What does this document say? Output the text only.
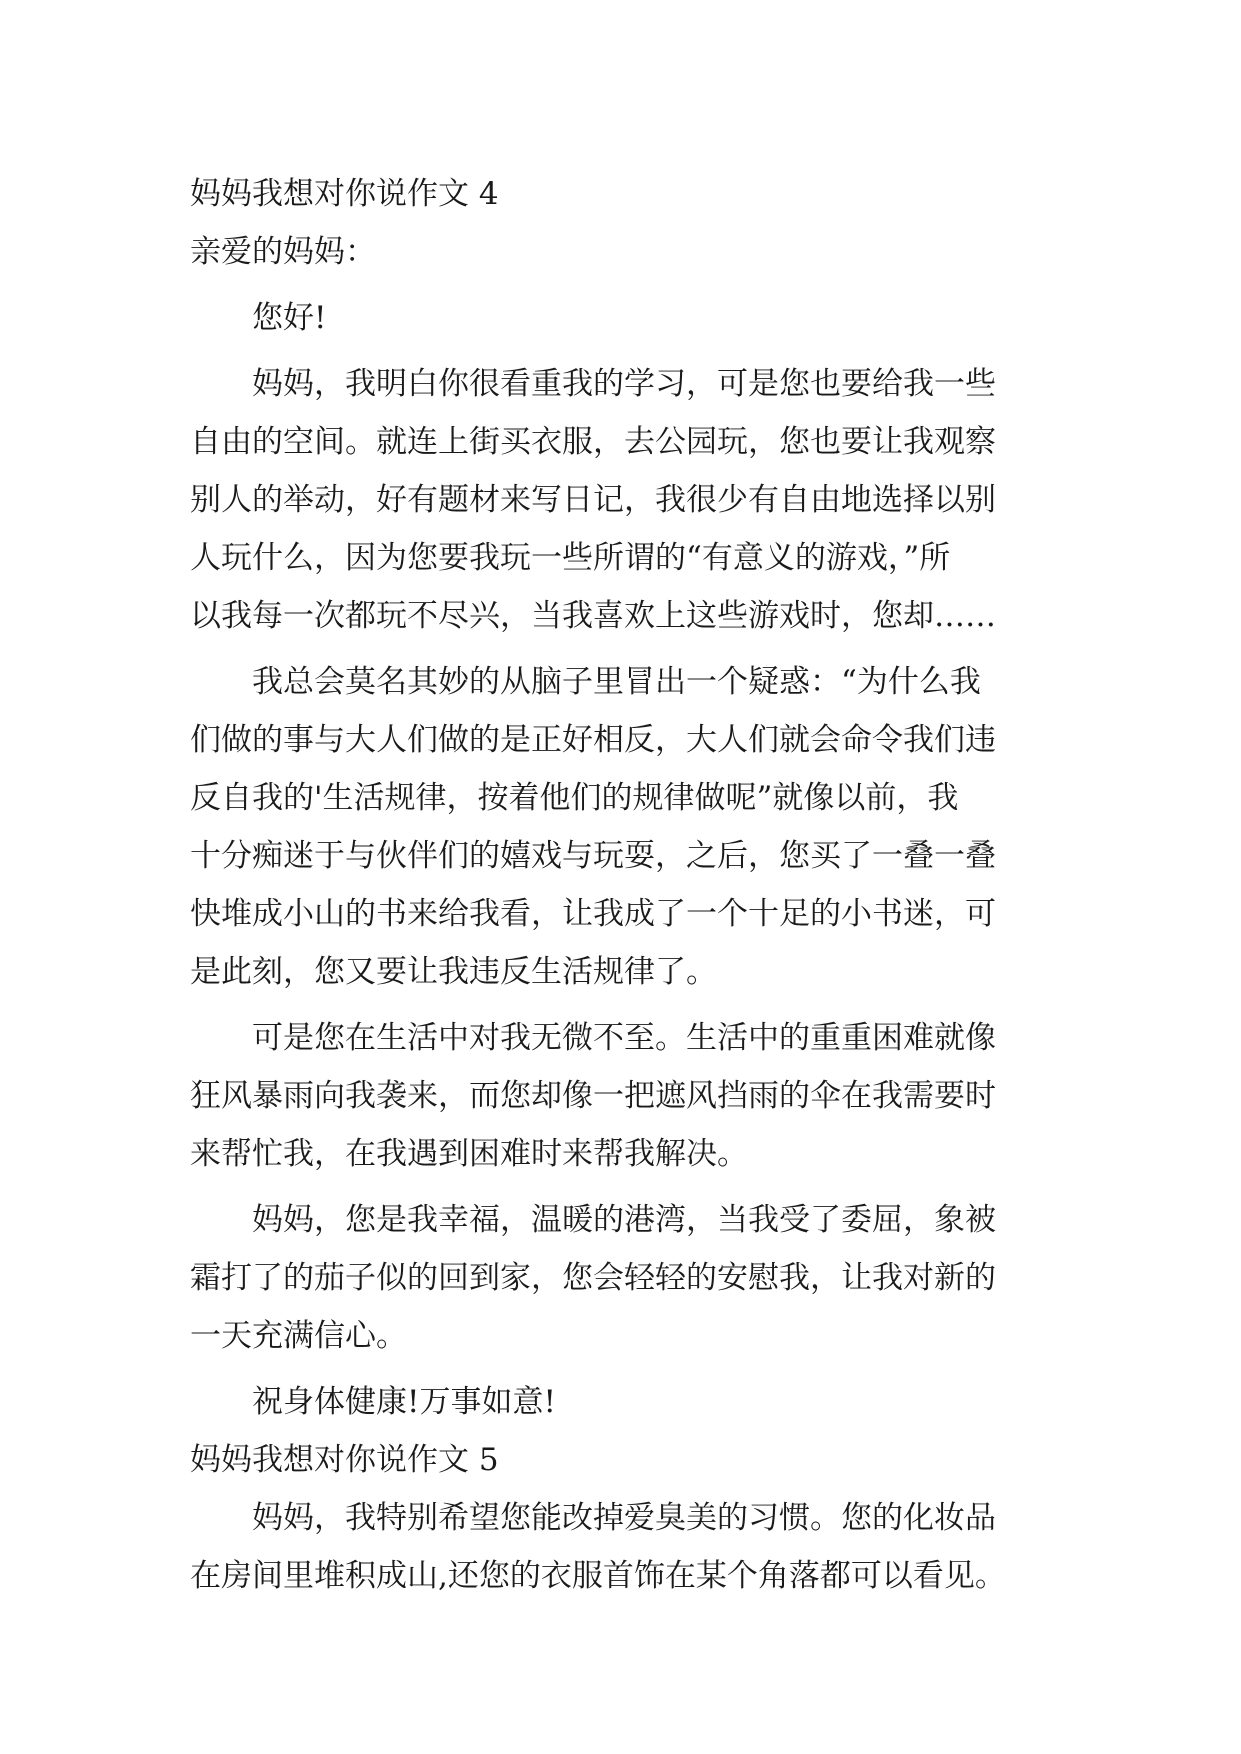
妈妈我想对你说作文 4
亲爱的妈妈：
您好!
妈妈，我明白你很看重我的学习，可是您也要给我一些
自由的空间。就连上街买衣服，去公园玩，您也要让我观察
别人的举动，好有题材来写日记，我很少有自由地选择以别
人玩什么，因为您要我玩一些所谓的“有意义的游戏，”所
以我每一次都玩不尽兴，当我喜欢上这些游戏时，您却……
我总会莫名其妙的从脑子里冒出一个疑惑：“为什么我
们做的事与大人们做的是正好相反，大人们就会命令我们违
反自我的'生活规律，按着他们的规律做呢”就像以前，我
十分痴迷于与伙伴们的嬉戏与玩耍，之后，您买了一叠一叠
快堆成小山的书来给我看，让我成了一个十足的小书迷，可
是此刻，您又要让我违反生活规律了。
可是您在生活中对我无微不至。生活中的重重困难就像
狂风暴雨向我袭来，而您却像一把遮风挡雨的伞在我需要时
来帮忙我，在我遇到困难时来帮我解决。
妈妈，您是我幸福，温暖的港湾，当我受了委屈，象被
霜打了的茄子似的回到家，您会轻轻的安慰我，让我对新的
一天充满信心。
祝身体健康!万事如意!
妈妈我想对你说作文 5
妈妈，我特别希望您能改掉爱臭美的习惯。您的化妆品
在房间里堆积成山,还您的衣服首饰在某个角落都可以看见。
